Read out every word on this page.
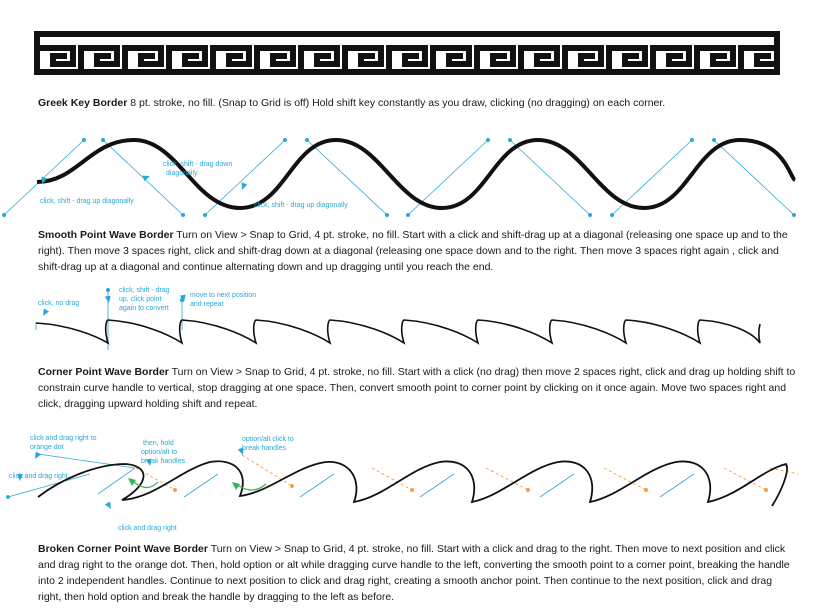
click, shift - drag up diagonally
click, shift - drag down
diagonally
click, shift - drag up diagonally
click, no drag
click, shift - drag
up, click point
again to convert
move to next position
and repeat
click and drag right to
orange dot
click and drag right
then, hold
option/alt to
break handles
option/alt click to
break handles
click and drag right

Greek Key Border 8 pt. stroke, no fill. (Snap to Grid is off) Hold shift key constantly as you draw, clicking (no dragging) on each corner.

Smooth Point Wave Border Turn on View > Snap to Grid, 4 pt. stroke, no fill. Start with a click and shift-drag up at a diagonal (releasing one space up and to the right). Then move 3 spaces right, click and shift-drag down at a diagonal (releasing one space down and to the right. Then move 3 spaces right again , click and shift-drag up at a diagonal and continue alternating down and up dragging until you reach the end.

Corner Point Wave Border Turn on View > Snap to Grid, 4 pt. stroke, no fill. Start with a click (no drag) then move 2 spaces right, click and drag up holding shift to constrain curve handle to vertical, stop dragging at one space. Then, convert smooth point to corner point by clicking on it once again. Move two spaces right and click, dragging upward holding shift and repeat.

Broken Corner Point Wave Border Turn on View > Snap to Grid, 4 pt. stroke, no fill. Start with a click and drag to the right. Then move to next position and click and drag right to the orange dot. Then, hold option or alt while dragging curve handle to the left, converting the smooth point to a corner point, breaking the handle into 2 independent handles. Continue to next position to click and drag right, creating a smooth anchor point. Then continue to the next position, click and drag right, then hold option and break the handle by dragging to the left as before.
